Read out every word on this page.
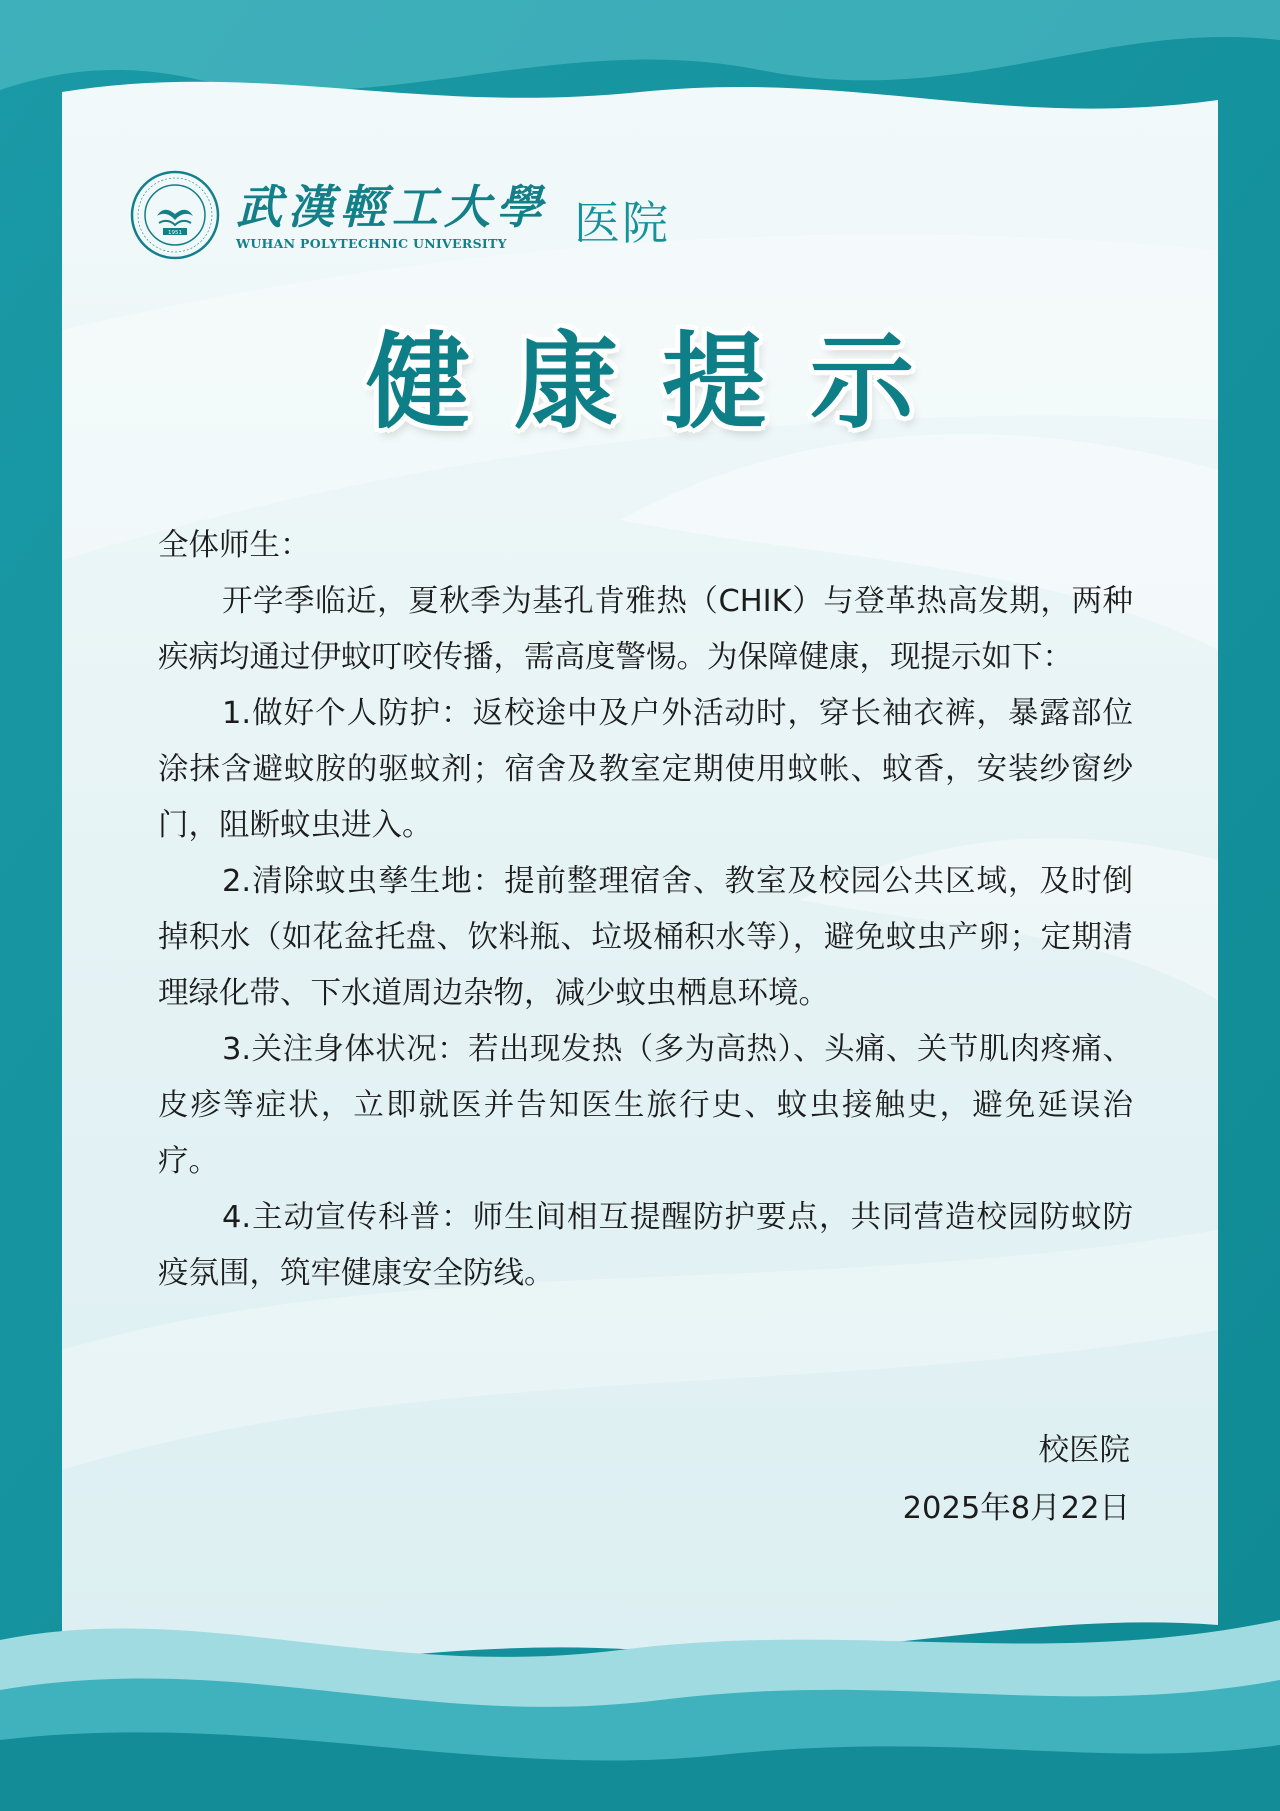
1951 武漢輕工大學
WUHAN POLYTECHNIC UNIVERSITY	医院
健康提示

全体师生：

开学季临近，夏秋季为基孔肯雅热（CHIK）与登革热高发期，两种疾病均通过伊蚊叮咬传播，需高度警惕。为保障健康，现提示如下：

1.做好个人防护：返校途中及户外活动时，穿长袖衣裤，暴露部位涂抹含避蚊胺的驱蚊剂；宿舍及教室定期使用蚊帐、蚊香，安装纱窗纱门，阻断蚊虫进入。

2.清除蚊虫孳生地：提前整理宿舍、教室及校园公共区域，及时倒掉积水（如花盆托盘、饮料瓶、垃圾桶积水等），避免蚊虫产卵；定期清理绿化带、下水道周边杂物，减少蚊虫栖息环境。

3.关注身体状况：若出现发热（多为高热）、头痛、关节肌肉疼痛、皮疹等症状，立即就医并告知医生旅行史、蚊虫接触史，避免延误治疗。

4.主动宣传科普：师生间相互提醒防护要点，共同营造校园防蚊防疫氛围，筑牢健康安全防线。

校医院
2025年8月22日
